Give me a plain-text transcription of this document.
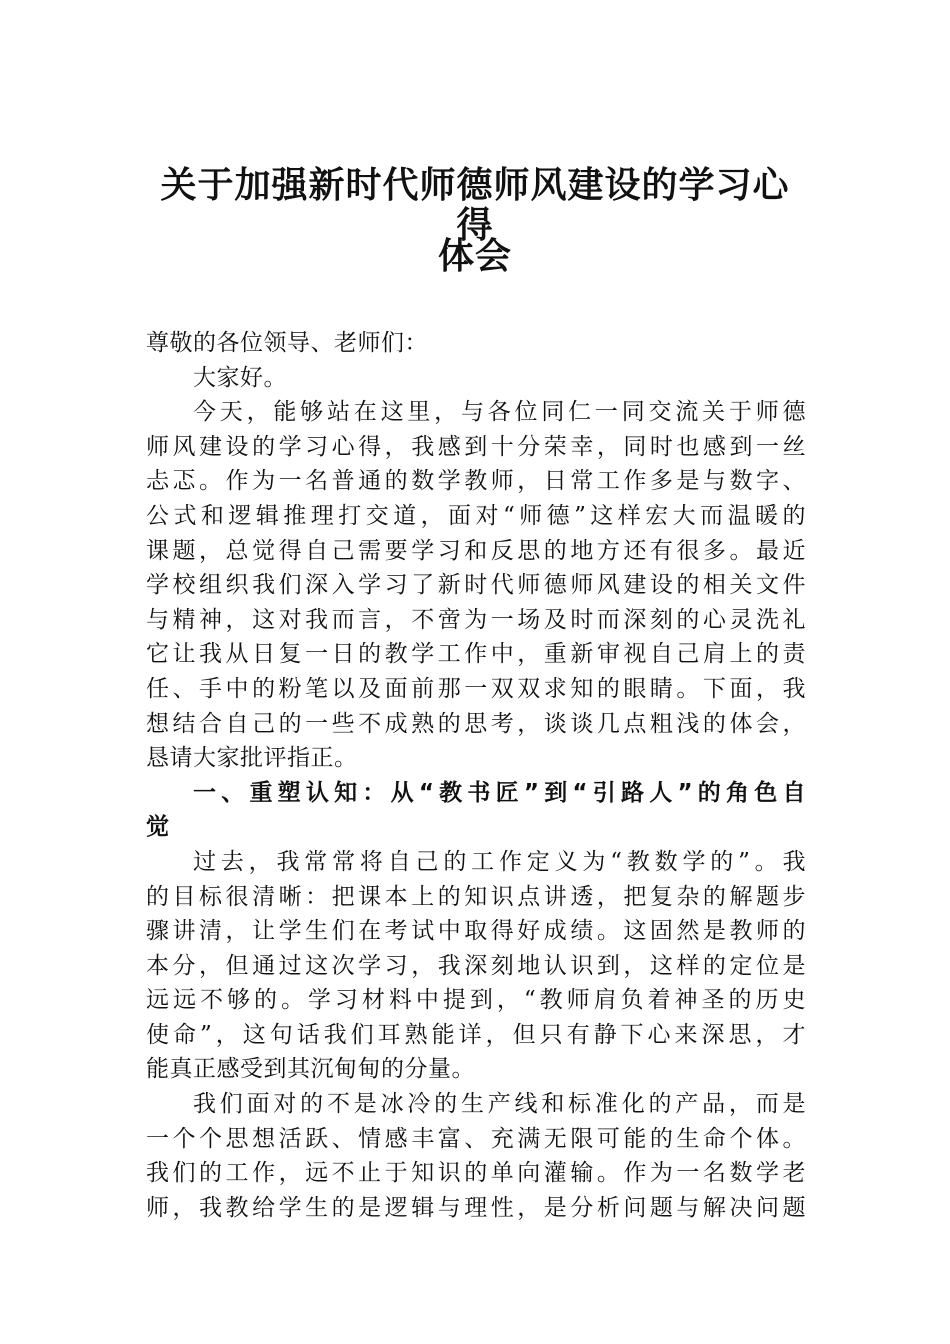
关于加强新时代师德师风建设的学习心得
体会
尊敬的各位领导、老师们：
大家好。
今天，能够站在这里，与各位同仁一同交流关于师德
师风建设的学习心得，我感到十分荣幸，同时也感到一丝
忐忑。作为一名普通的数学教师，日常工作多是与数字、
公式和逻辑推理打交道，面对“师德”这样宏大而温暖的
课题，总觉得自己需要学习和反思的地方还有很多。最近
学校组织我们深入学习了新时代师德师风建设的相关文件
与精神，这对我而言，不啻为一场及时而深刻的心灵洗礼
它让我从日复一日的教学工作中，重新审视自己肩上的责
任、手中的粉笔以及面前那一双双求知的眼睛。下面，我
想结合自己的一些不成熟的思考，谈谈几点粗浅的体会，
恳请大家批评指正。
一、重塑认知：从“教书匠”到“引路人”的角色自
觉
过去，我常常将自己的工作定义为“教数学的”。我
的目标很清晰：把课本上的知识点讲透，把复杂的解题步
骤讲清，让学生们在考试中取得好成绩。这固然是教师的
本分，但通过这次学习，我深刻地认识到，这样的定位是
远远不够的。学习材料中提到，“教师肩负着神圣的历史
使命”，这句话我们耳熟能详，但只有静下心来深思，才
能真正感受到其沉甸甸的分量。
我们面对的不是冰冷的生产线和标准化的产品，而是
一个个思想活跃、情感丰富、充满无限可能的生命个体。
我们的工作，远不止于知识的单向灌输。作为一名数学老
师，我教给学生的是逻辑与理性，是分析问题与解决问题
